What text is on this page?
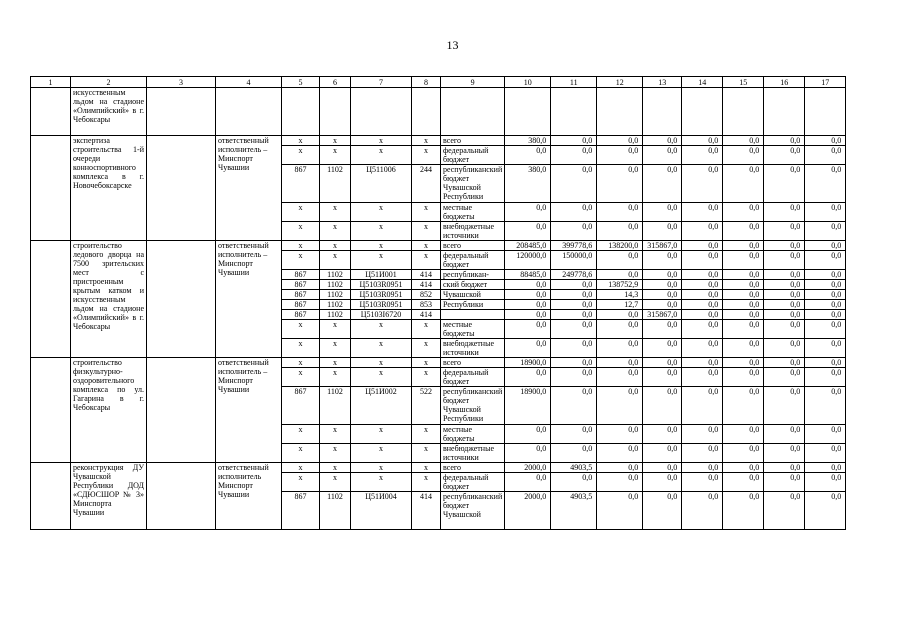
13
1	2	3	4	5	6	7	8	9	10	11	12	13	14	15	16	17
	искусственным льдом на стадионе «Олимпийский» в г. Чебоксары															
	экспертиза строительства 1-й очереди конноспортивного комплекса в г. Новочебоксарске		ответственный исполнитель – Минспорт Чувашии	x	x	x	x	всего	380,0	0,0	0,0	0,0	0,0	0,0	0,0	0,0
				x	x	x	x	федеральный бюджет	0,0	0,0	0,0	0,0	0,0	0,0	0,0	0,0
				867	1102	Ц511006	244	республиканский бюджет Чувашской Республики	380,0	0,0	0,0	0,0	0,0	0,0	0,0	0,0
				x	x	x	x	местные бюджеты	0,0	0,0	0,0	0,0	0,0	0,0	0,0	0,0
				x	x	x	x	внебюджетные источники	0,0	0,0	0,0	0,0	0,0	0,0	0,0	0,0
	строительство ледового дворца на 7500 зрительских мест с пристроенным крытым катком и искусственным льдом на стадионе «Олимпийский» в г. Чебоксары		ответственный исполнитель – Минспорт Чувашии	x	x	x	x	всего	208485,0	399778,6	138200,0	315867,0	0,0	0,0	0,0	0,0
				x	x	x	x	федеральный бюджет	120000,0	150000,0	0,0	0,0	0,0	0,0	0,0	0,0
				867	1102	Ц51И001	414	республикан-	88485,0	249778,6	0,0	0,0	0,0	0,0	0,0	0,0
				867	1102	Ц5103R0951	414	ский бюджет	0,0	0,0	138752,9	0,0	0,0	0,0	0,0	0,0
				867	1102	Ц5103R0951	852	Чувашской	0,0	0,0	14,3	0,0	0,0	0,0	0,0	0,0
				867	1102	Ц5103R0951	853	Республики	0,0	0,0	12,7	0,0	0,0	0,0	0,0	0,0
				867	1102	Ц5103І6720	414		0,0	0,0	0,0	315867,0	0,0	0,0	0,0	0,0
				x	x	x	x	местные бюджеты	0,0	0,0	0,0	0,0	0,0	0,0	0,0	0,0
				x	x	x	x	внебюджетные источники	0,0	0,0	0,0	0,0	0,0	0,0	0,0	0,0
	строительство физкультурно-оздоровительного комплекса по ул. Гагарина в г. Чебоксары		ответственный исполнитель – Минспорт Чувашии	x	x	x	x	всего	18900,0	0,0	0,0	0,0	0,0	0,0	0,0	0,0
				x	x	x	x	федеральный бюджет	0,0	0,0	0,0	0,0	0,0	0,0	0,0	0,0
				867	1102	Ц51И002	522	республиканский бюджет Чувашской Республики	18900,0	0,0	0,0	0,0	0,0	0,0	0,0	0,0
				x	x	x	x	местные бюджеты	0,0	0,0	0,0	0,0	0,0	0,0	0,0	0,0
				x	x	x	x	внебюджетные источники	0,0	0,0	0,0	0,0	0,0	0,0	0,0	0,0
	реконструкция ДУ Чувашской Республики ДОД «СДЮСШОР № 3» Минспорта Чувашии		ответственный исполнитель Минспорт Чувашии	x	x	x	x	всего	2000,0	4903,5	0,0	0,0	0,0	0,0	0,0	0,0
				x	x	x	x	федеральный бюджет	0,0	0,0	0,0	0,0	0,0	0,0	0,0	0,0
				867	1102	Ц51И004	414	республиканский бюджет Чувашской	2000,0	4903,5	0,0	0,0	0,0	0,0	0,0	0,0
